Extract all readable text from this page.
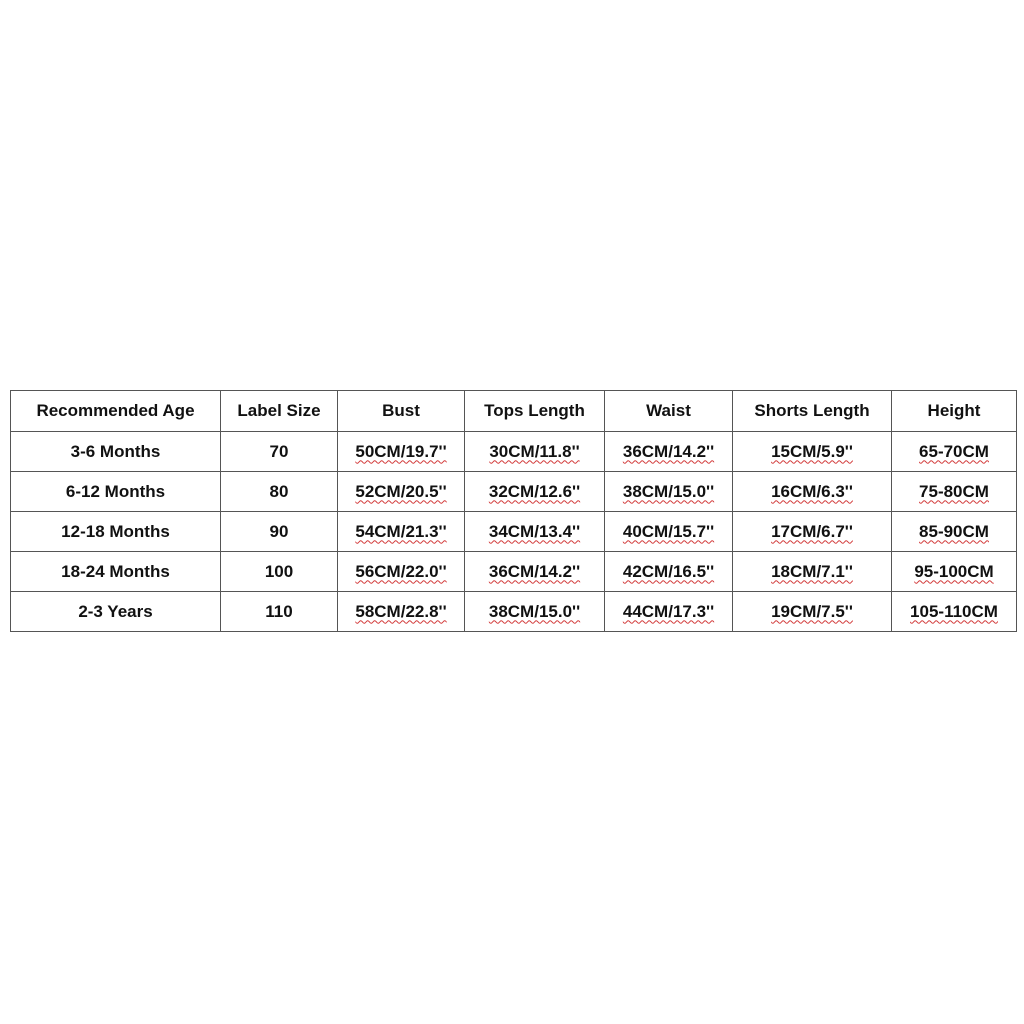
Recommended Age	Label Size	Bust	Tops Length	Waist	Shorts Length	Height
3-6 Months	70	50CM/19.7''	30CM/11.8''	36CM/14.2''	15CM/5.9''	65-70CM
6-12 Months	80	52CM/20.5''	32CM/12.6''	38CM/15.0''	16CM/6.3''	75-80CM
12-18 Months	90	54CM/21.3''	34CM/13.4''	40CM/15.7''	17CM/6.7''	85-90CM
18-24 Months	100	56CM/22.0''	36CM/14.2''	42CM/16.5''	18CM/7.1''	95-100CM
2-3 Years	110	58CM/22.8''	38CM/15.0''	44CM/17.3''	19CM/7.5''	105-110CM
